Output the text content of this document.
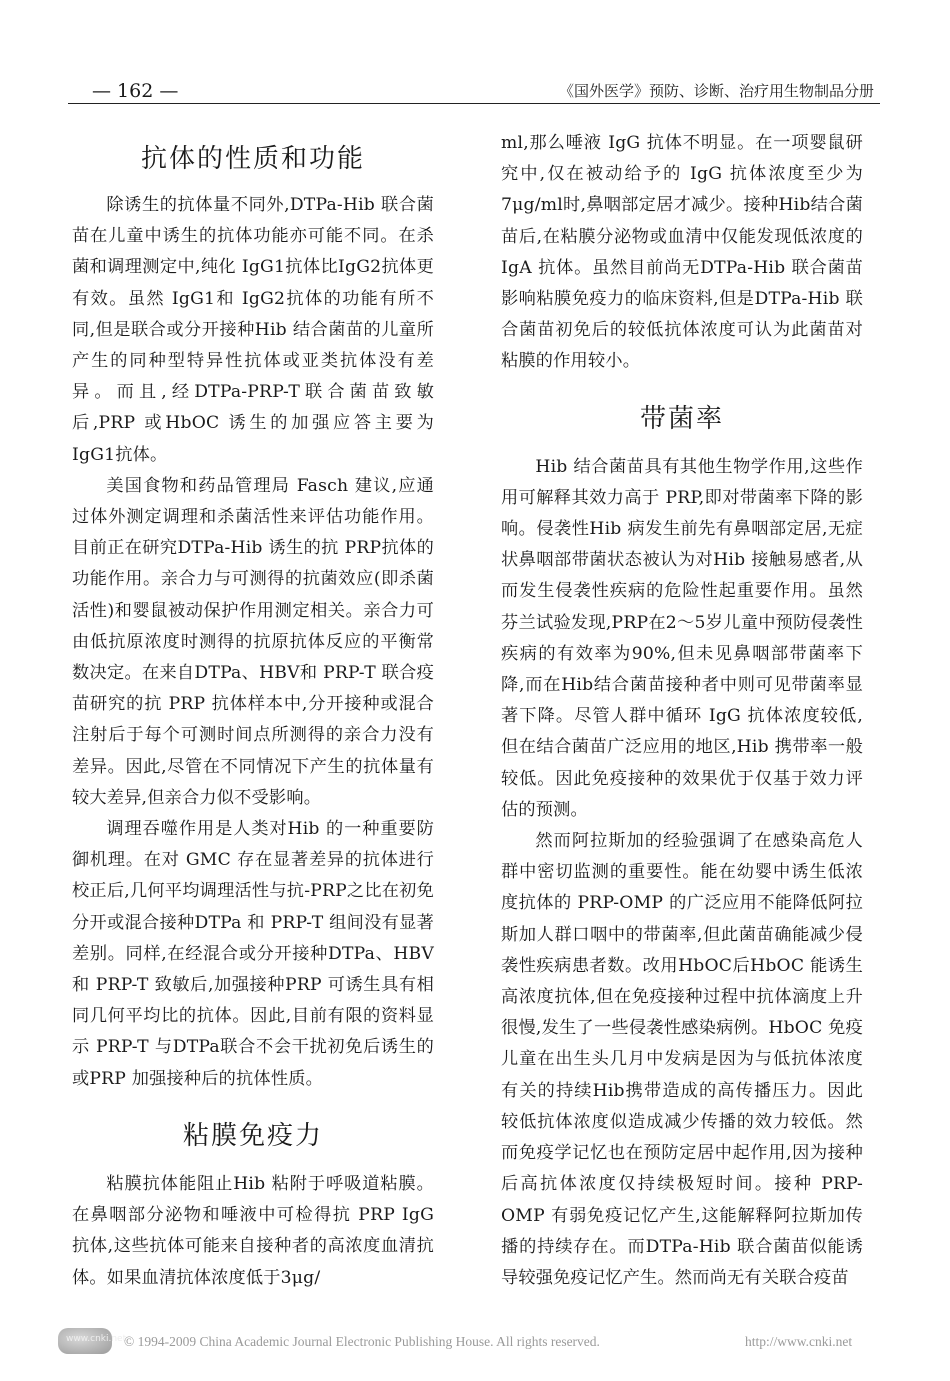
— 162 —	《国外医学》预防、诊断、治疗用生物制品分册

抗体的性质和功能

除诱生的抗体量不同外,DTPa-Hib 联合菌苗在儿童中诱生的抗体功能亦可能不同。在杀菌和调理测定中,纯化 IgG1抗体比IgG2抗体更有效。虽然 IgG1和 IgG2抗体的功能有所不同,但是联合或分开接种Hib 结合菌苗的儿童所产生的同种型特异性抗体或亚类抗体没有差异。而且,经DTPa-PRP-T联合菌苗致敏后,PRP 或HbOC 诱生的加强应答主要为 IgG1抗体。

美国食物和药品管理局 Fasch 建议,应通过体外测定调理和杀菌活性来评估功能作用。目前正在研究DTPa-Hib 诱生的抗 PRP抗体的功能作用。亲合力与可测得的抗菌效应(即杀菌活性)和婴鼠被动保护作用测定相关。亲合力可由低抗原浓度时测得的抗原抗体反应的平衡常数决定。在来自DTPa、HBV和 PRP-T 联合疫苗研究的抗 PRP 抗体样本中,分开接种或混合注射后于每个可测时间点所测得的亲合力没有差异。因此,尽管在不同情况下产生的抗体量有较大差异,但亲合力似不受影响。

调理吞噬作用是人类对Hib 的一种重要防御机理。在对 GMC 存在显著差异的抗体进行校正后,几何平均调理活性与抗-PRP之比在初免分开或混合接种DTPa 和 PRP-T 组间没有显著差别。同样,在经混合或分开接种DTPa、HBV 和 PRP-T 致敏后,加强接种PRP 可诱生具有相同几何平均比的抗体。因此,目前有限的资料显示 PRP-T 与DTPa联合不会干扰初免后诱生的或PRP 加强接种后的抗体性质。

粘膜免疫力

粘膜抗体能阻止Hib 粘附于呼吸道粘膜。在鼻咽部分泌物和唾液中可检得抗 PRP IgG 抗体,这些抗体可能来自接种者的高浓度血清抗体。如果血清抗体浓度低于3μg/

ml,那么唾液 IgG 抗体不明显。在一项婴鼠研究中,仅在被动给予的 IgG 抗体浓度至少为7μg/ml时,鼻咽部定居才减少。接种Hib结合菌苗后,在粘膜分泌物或血清中仅能发现低浓度的 IgA 抗体。虽然目前尚无DTPa-Hib 联合菌苗影响粘膜免疫力的临床资料,但是DTPa-Hib 联合菌苗初免后的较低抗体浓度可认为此菌苗对粘膜的作用较小。

带菌率

Hib 结合菌苗具有其他生物学作用,这些作用可解释其效力高于 PRP,即对带菌率下降的影响。侵袭性Hib 病发生前先有鼻咽部定居,无症状鼻咽部带菌状态被认为对Hib 接触易感者,从而发生侵袭性疾病的危险性起重要作用。虽然芬兰试验发现,PRP在2～5岁儿童中预防侵袭性疾病的有效率为90%,但未见鼻咽部带菌率下降,而在Hib结合菌苗接种者中则可见带菌率显著下降。尽管人群中循环 IgG 抗体浓度较低,但在结合菌苗广泛应用的地区,Hib 携带率一般较低。因此免疫接种的效果优于仅基于效力评估的预测。

然而阿拉斯加的经验强调了在感染高危人群中密切监测的重要性。能在幼婴中诱生低浓度抗体的 PRP-OMP 的广泛应用不能降低阿拉斯加人群口咽中的带菌率,但此菌苗确能减少侵袭性疾病患者数。改用HbOC后HbOC 能诱生高浓度抗体,但在免疫接种过程中抗体滴度上升很慢,发生了一些侵袭性感染病例。HbOC 免疫儿童在出生头几月中发病是因为与低抗体浓度有关的持续Hib携带造成的高传播压力。因此较低抗体浓度似造成减少传播的效力较低。然而免疫学记忆也在预防定居中起作用,因为接种后高抗体浓度仅持续极短时间。接种 PRP-OMP 有弱免疫记忆产生,这能解释阿拉斯加传播的持续存在。而DTPa-Hib 联合菌苗似能诱导较强免疫记忆产生。然而尚无有关联合疫苗

www.cnki.net
© 1994-2009 China Academic Journal Electronic Publishing House. All rights reserved.	http://www.cnki.net
